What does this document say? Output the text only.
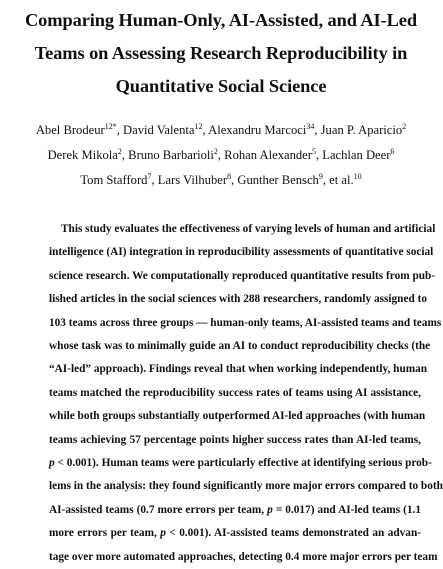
Comparing Human-Only, AI-Assisted, and AI-Led
Teams on Assessing Research Reproducibility in
Quantitative Social Science
Abel Brodeur$^{12*}$, David Valenta$^{12}$, Alexandru Marcoci$^{34}$, Juan P. Aparicio$^2$
Derek Mikola$^2$, Bruno Barbarioli$^2$, Rohan Alexander$^5$, Lachlan Deer$^6$
Tom Stafford$^7$, Lars Vilhuber$^8$, Gunther Bensch$^9$, et al.$^{10}$
This study evaluates the effectiveness of varying levels of human and artificial
intelligence (AI) integration in reproducibility assessments of quantitative social
science research. We computationally reproduced quantitative results from pub-
lished articles in the social sciences with 288 researchers, randomly assigned to
103 teams across three groups — human-only teams, AI-assisted teams and teams
whose task was to minimally guide an AI to conduct reproducibility checks (the
“AI-led” approach). Findings reveal that when working independently, human
teams matched the reproducibility success rates of teams using AI assistance,
while both groups substantially outperformed AI-led approaches (with human
teams achieving 57 percentage points higher success rates than AI-led teams,
p < 0.001). Human teams were particularly effective at identifying serious prob-
lems in the analysis: they found significantly more major errors compared to both
AI-assisted teams (0.7 more errors per team, p = 0.017) and AI-led teams (1.1
more errors per team, p < 0.001). AI-assisted teams demonstrated an advan-
tage over more automated approaches, detecting 0.4 more major errors per team
